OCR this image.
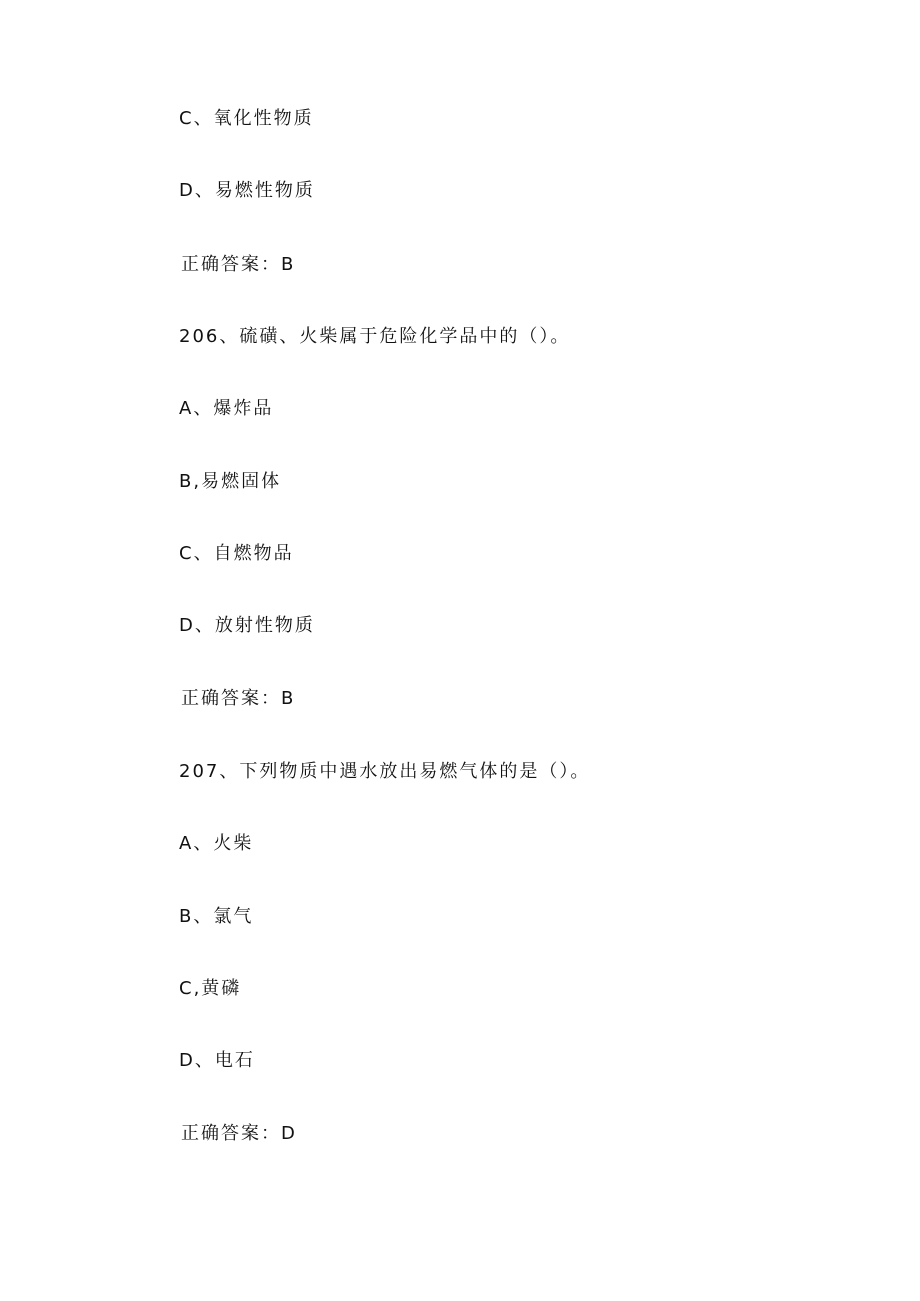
C、氧化性物质
D、易燃性物质
正确答案：B
206、硫磺、火柴属于危险化学品中的（）。
A、爆炸品
B,易燃固体
C、自燃物品
D、放射性物质
正确答案：B
207、下列物质中遇水放出易燃气体的是（）。
A、火柴
B、氯气
C,黄磷
D、电石
正确答案：D
